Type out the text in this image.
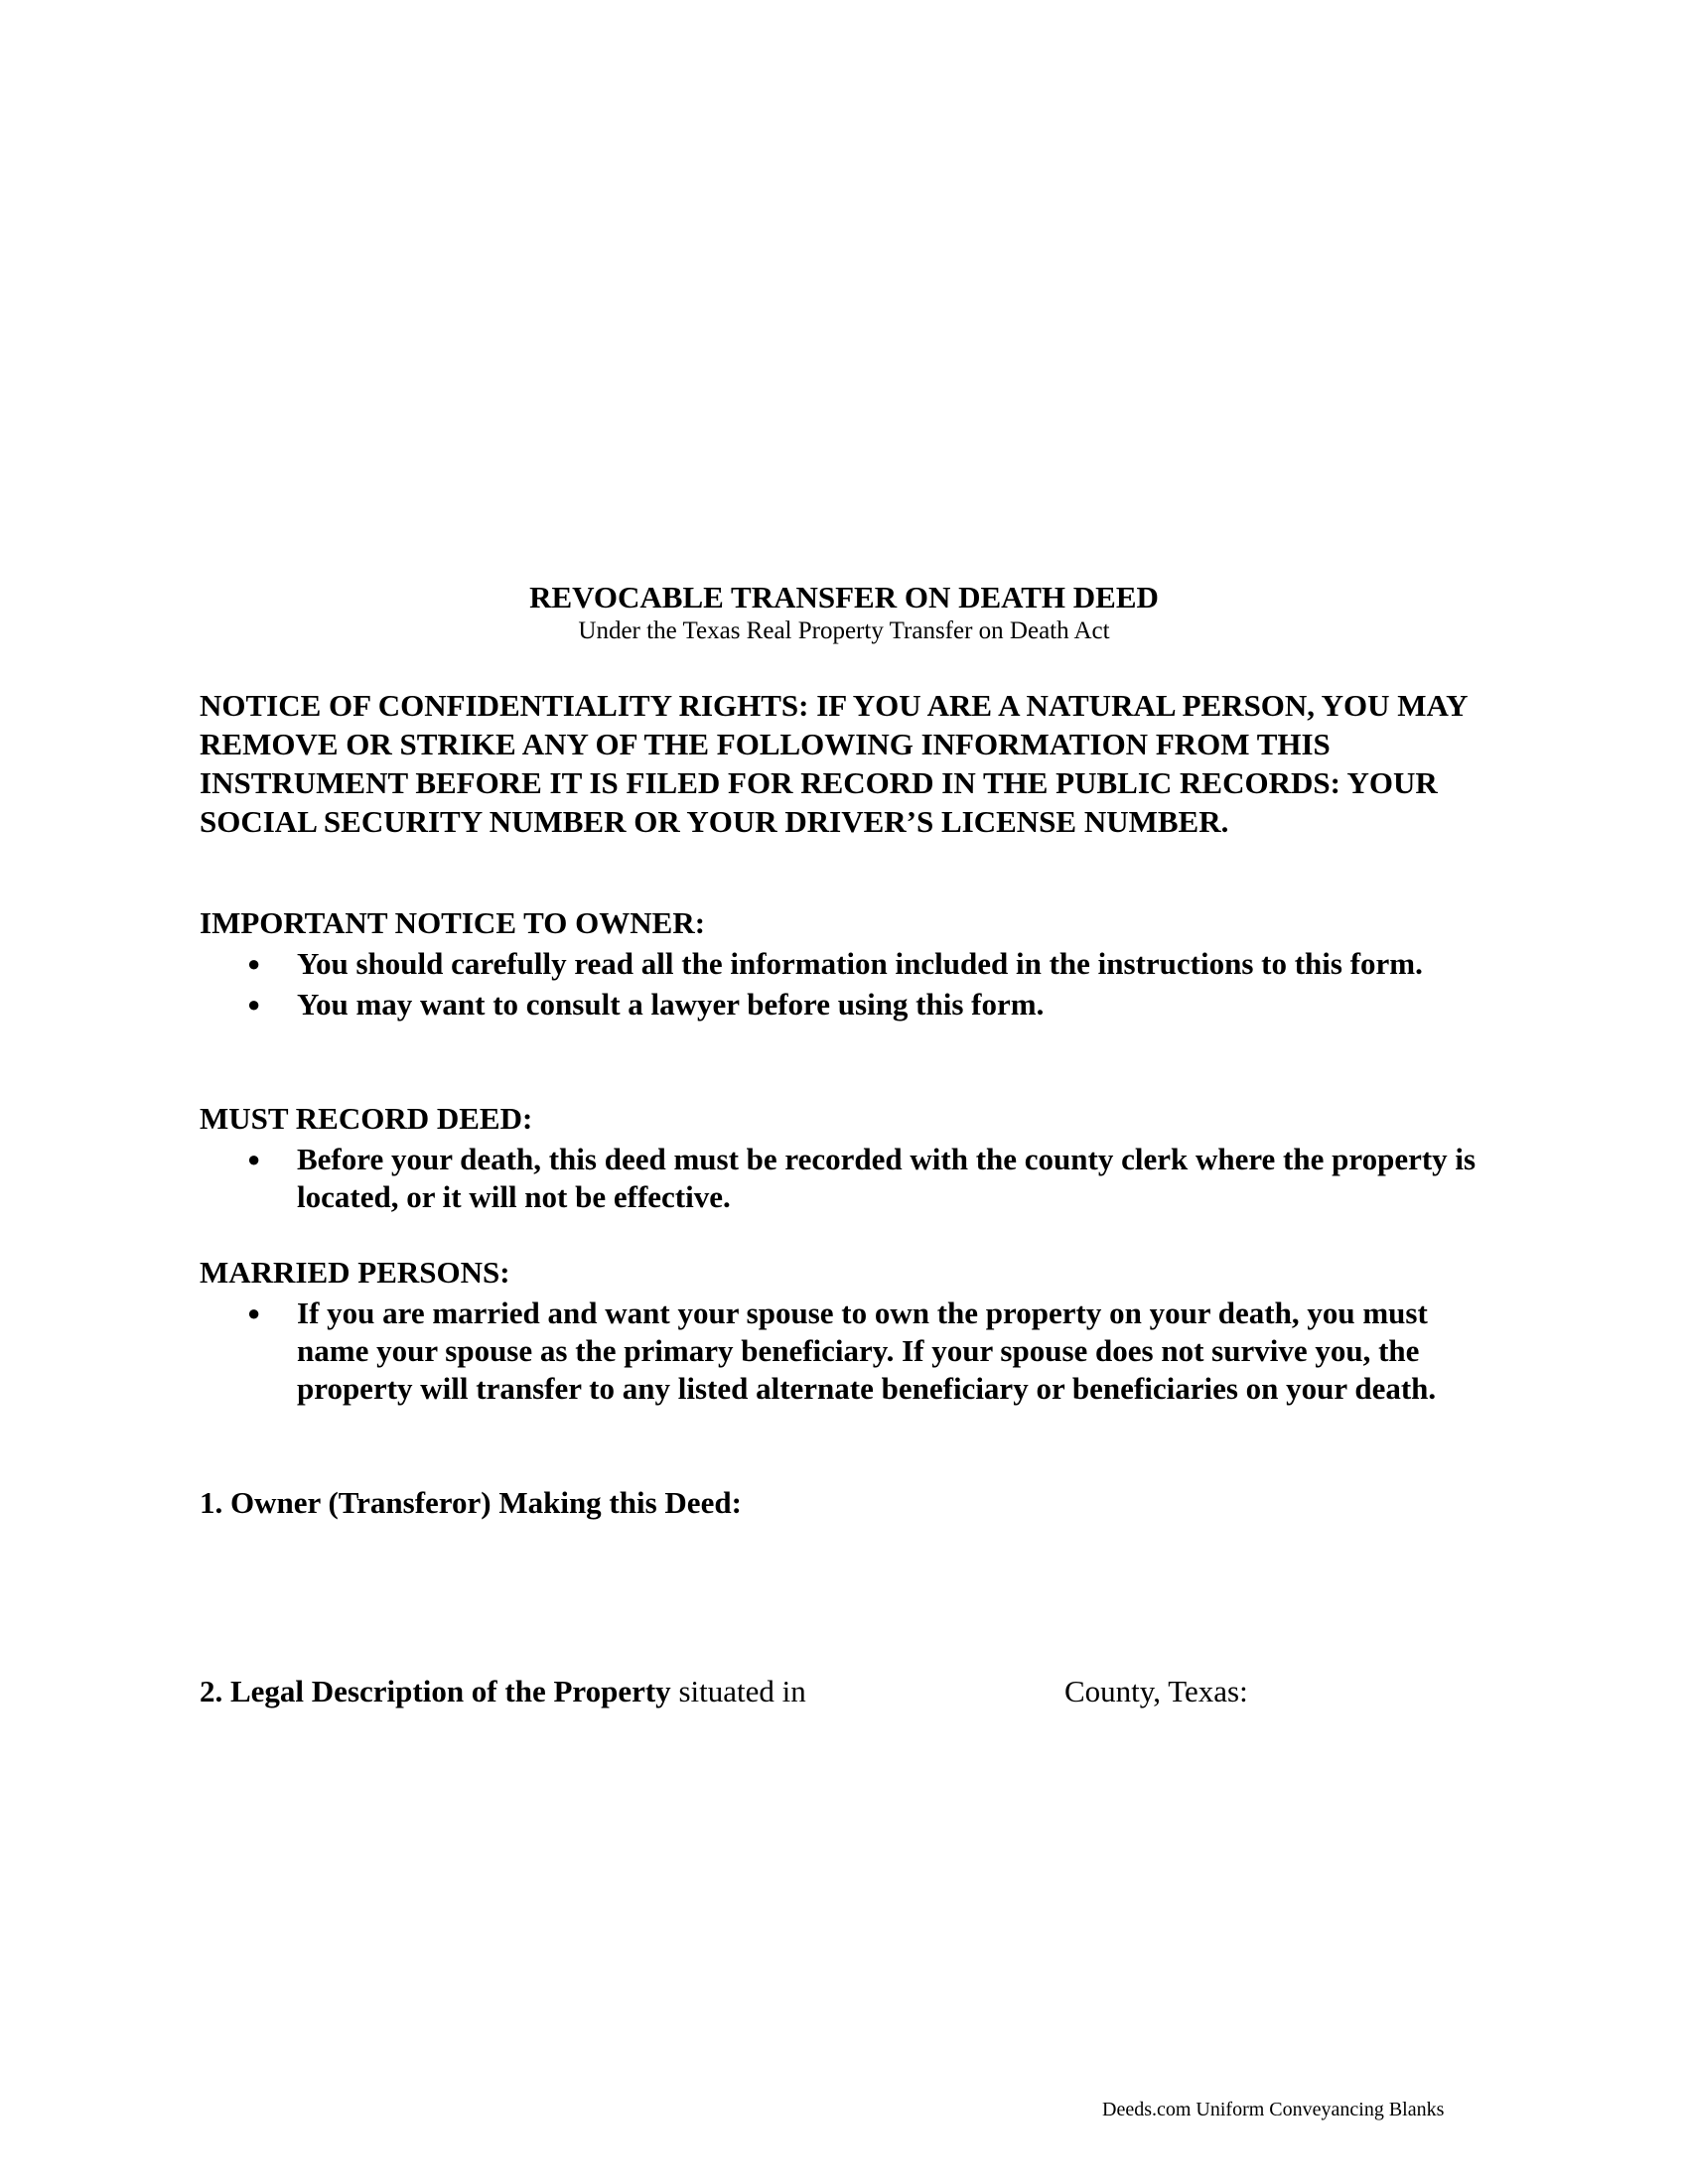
REVOCABLE TRANSFER ON DEATH DEED
Under the Texas Real Property Transfer on Death Act
NOTICE OF CONFIDENTIALITY RIGHTS: IF YOU ARE A NATURAL PERSON, YOU MAY REMOVE OR STRIKE ANY OF THE FOLLOWING INFORMATION FROM THIS INSTRUMENT BEFORE IT IS FILED FOR RECORD IN THE PUBLIC RECORDS: YOUR SOCIAL SECURITY NUMBER OR YOUR DRIVER’S LICENSE NUMBER.
IMPORTANT NOTICE TO OWNER:
● You should carefully read all the information included in the instructions to this form.
● You may want to consult a lawyer before using this form.
MUST RECORD DEED:
● Before your death, this deed must be recorded with the county clerk where the property is located, or it will not be effective.
MARRIED PERSONS:
● If you are married and want your spouse to own the property on your death, you must name your spouse as the primary beneficiary. If your spouse does not survive you, the property will transfer to any listed alternate beneficiary or beneficiaries on your death.
1. Owner (Transferor) Making this Deed:
2. Legal Description of the Property situated in	County, Texas:
Deeds.com Uniform Conveyancing Blanks
